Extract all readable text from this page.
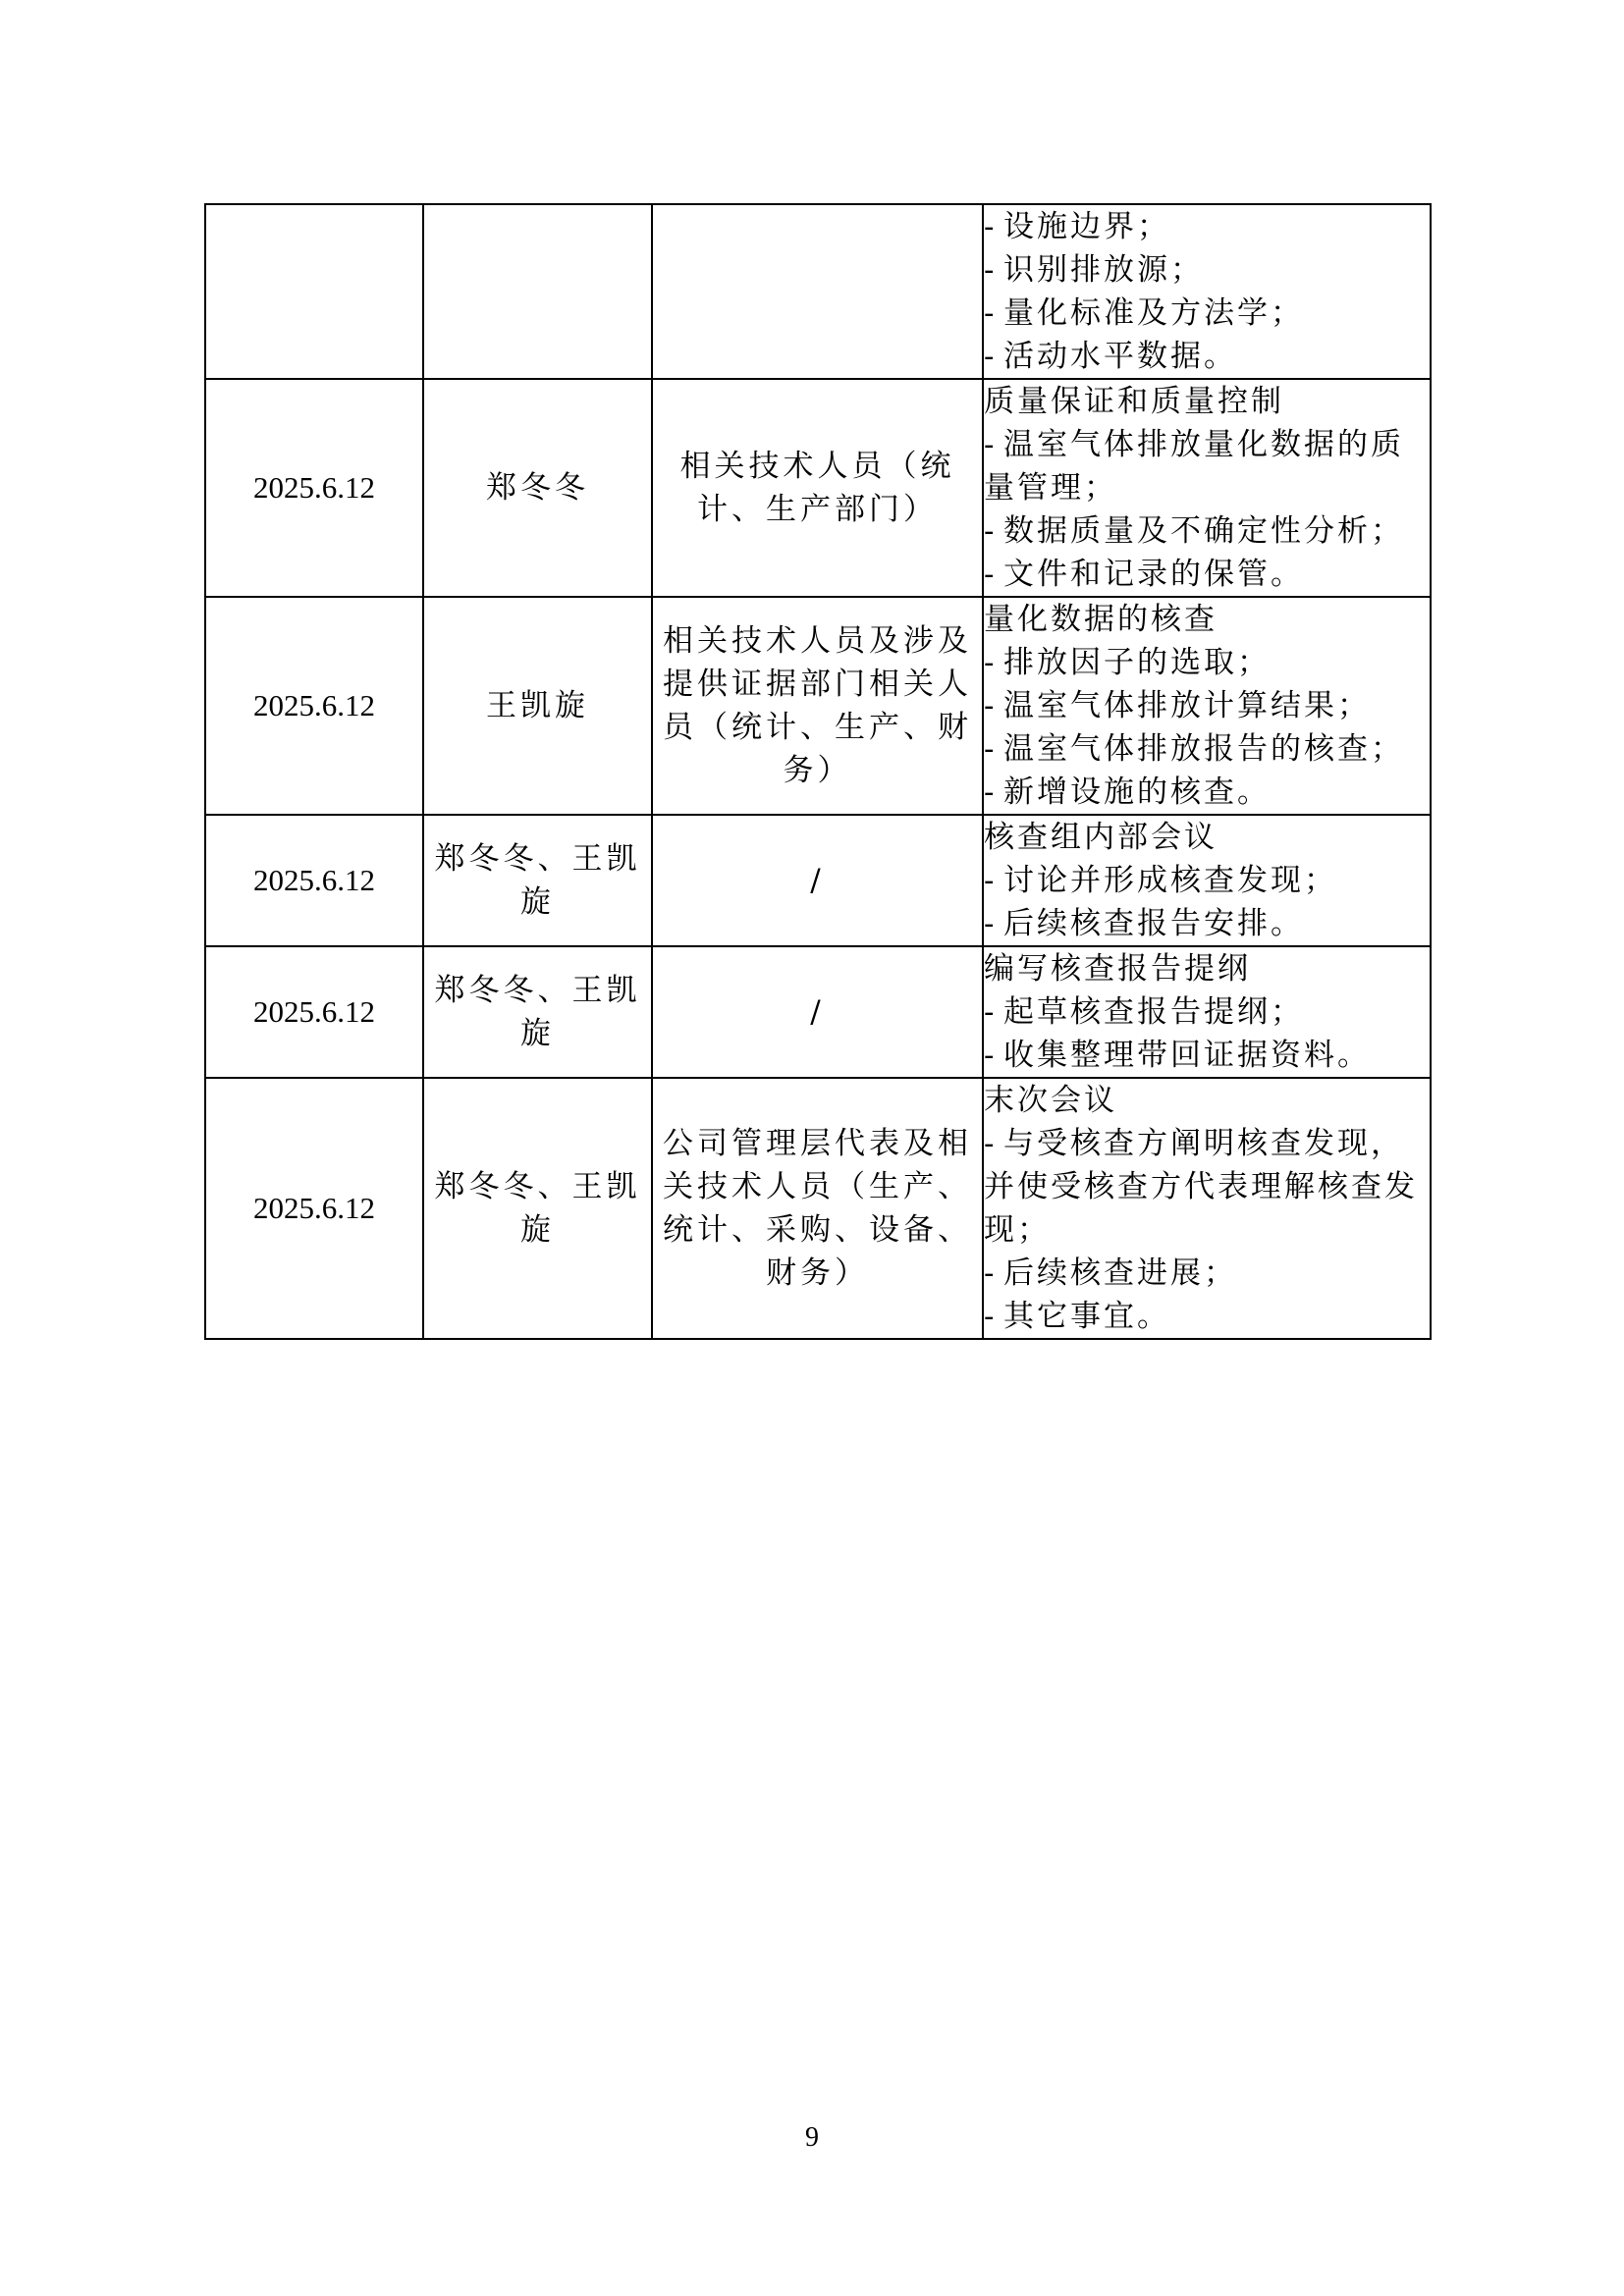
			- 设施边界；
- 识别排放源；
- 量化标准及方法学；
- 活动水平数据。

2025.6.12	郑冬冬	相关技术人员（统计、生产部门）	质量保证和质量控制
- 温室气体排放量化数据的质量管理；
- 数据质量及不确定性分析；
- 文件和记录的保管。

2025.6.12	王凯旋	相关技术人员及涉及提供证据部门相关人员（统计、生产、财务）	量化数据的核查
- 排放因子的选取；
- 温室气体排放计算结果；
- 温室气体排放报告的核查；
- 新增设施的核查。

2025.6.12	郑冬冬、王凯旋	/	核查组内部会议
- 讨论并形成核查发现；
- 后续核查报告安排。

2025.6.12	郑冬冬、王凯旋	/	编写核查报告提纲
- 起草核查报告提纲；
- 收集整理带回证据资料。

2025.6.12	郑冬冬、王凯旋	公司管理层代表及相关技术人员（生产、统计、采购、设备、财务）	末次会议
- 与受核查方阐明核查发现，并使受核查方代表理解核查发现；
- 后续核查进展；
- 其它事宜。
9
